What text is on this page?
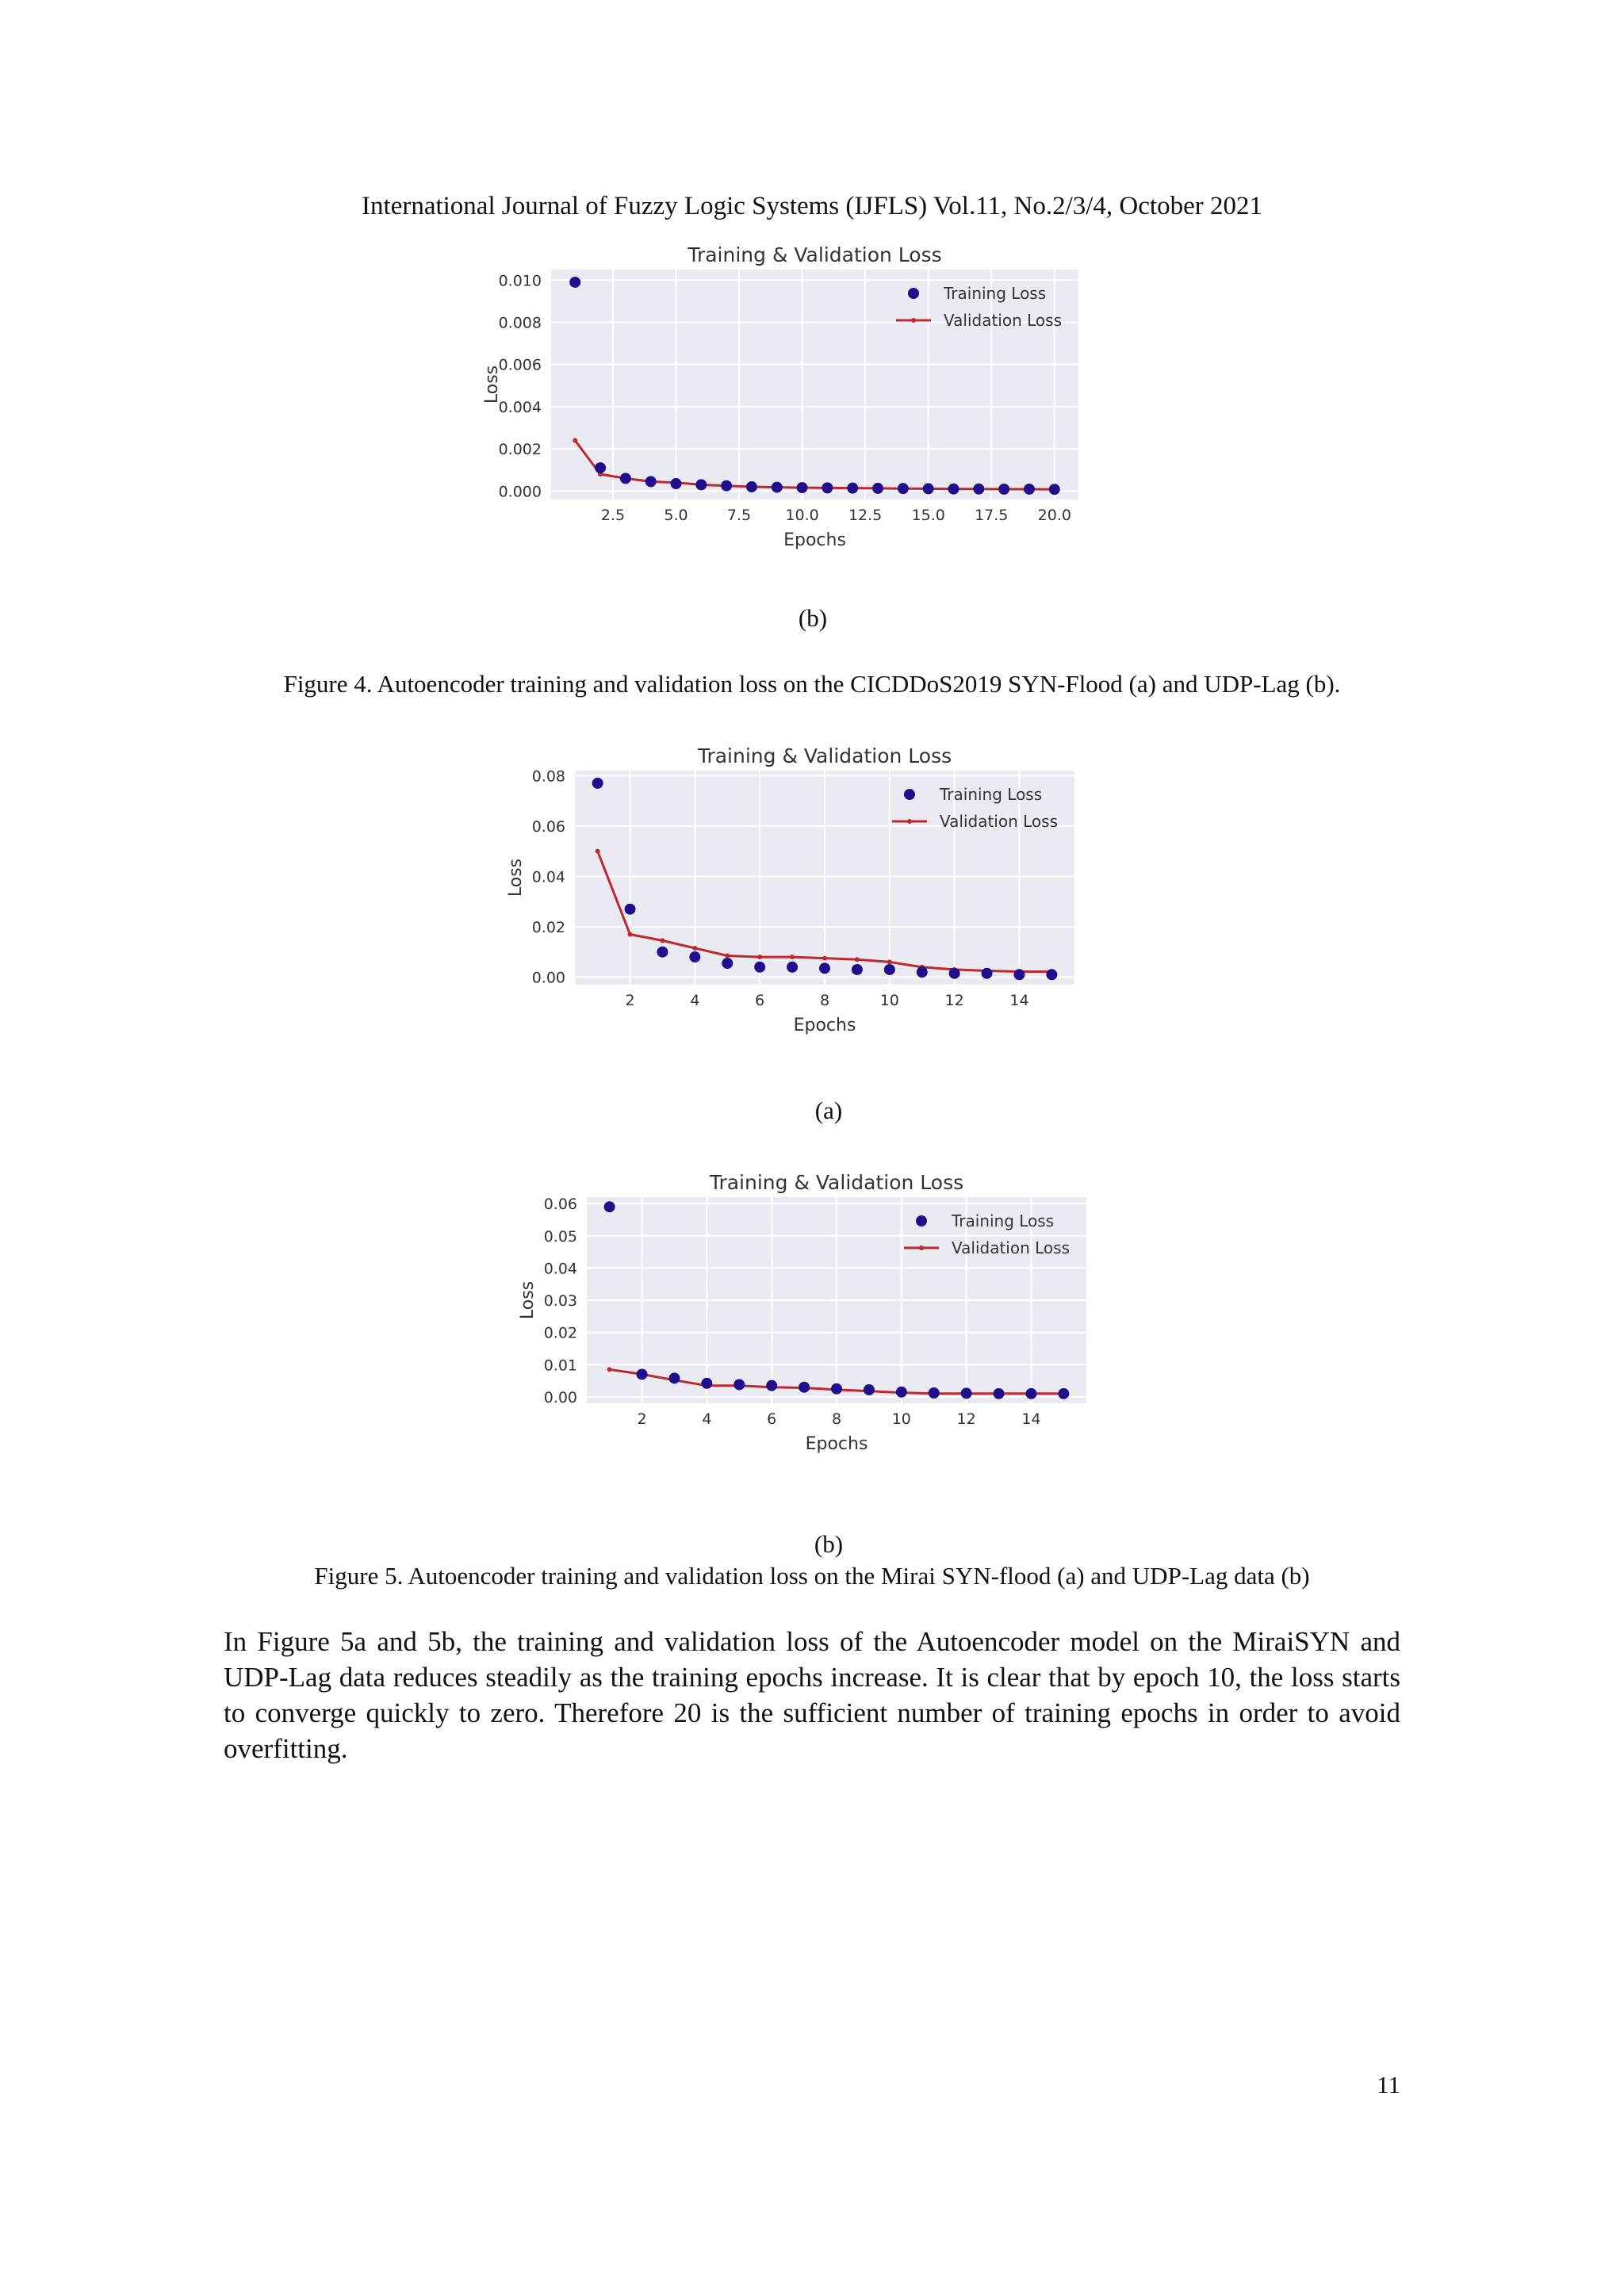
International Journal of Fuzzy Logic Systems (IJFLS) Vol.11, No.2/3/4, October 2021
2.5	5.0	7.5 10.0 12.5 15.0 17.5 20.0
0.000
0.002
0.004
0.006
0.008
0.010
Training & Validation Loss
Epochs
Loss
Training Loss
Validation Loss
(b)
Figure 4. Autoencoder training and validation loss on the CICDDoS2019 SYN-Flood (a) and UDP-Lag (b).
2	4	6	8	10	12	14
0.00
0.02
0.04
0.06
0.08
Training & Validation Loss
Epochs
Loss
Training Loss
Validation Loss
(a)
2	4	6	8	10	12	14
0.00
0.01
0.02
0.03
0.04
0.05
0.06
Training & Validation Loss
Epochs
Loss
Training Loss
Validation Loss
(b)
Figure 5. Autoencoder training and validation loss on the Mirai SYN-flood (a) and UDP-Lag data (b)

In Figure 5a and 5b, the training and validation loss of the Autoencoder model on the MiraiSYN and UDP-Lag data reduces steadily as the training epochs increase. It is clear that by epoch 10, the loss starts to converge quickly to zero. Therefore 20 is the sufficient number of training epochs in order to avoid overfitting.

11
